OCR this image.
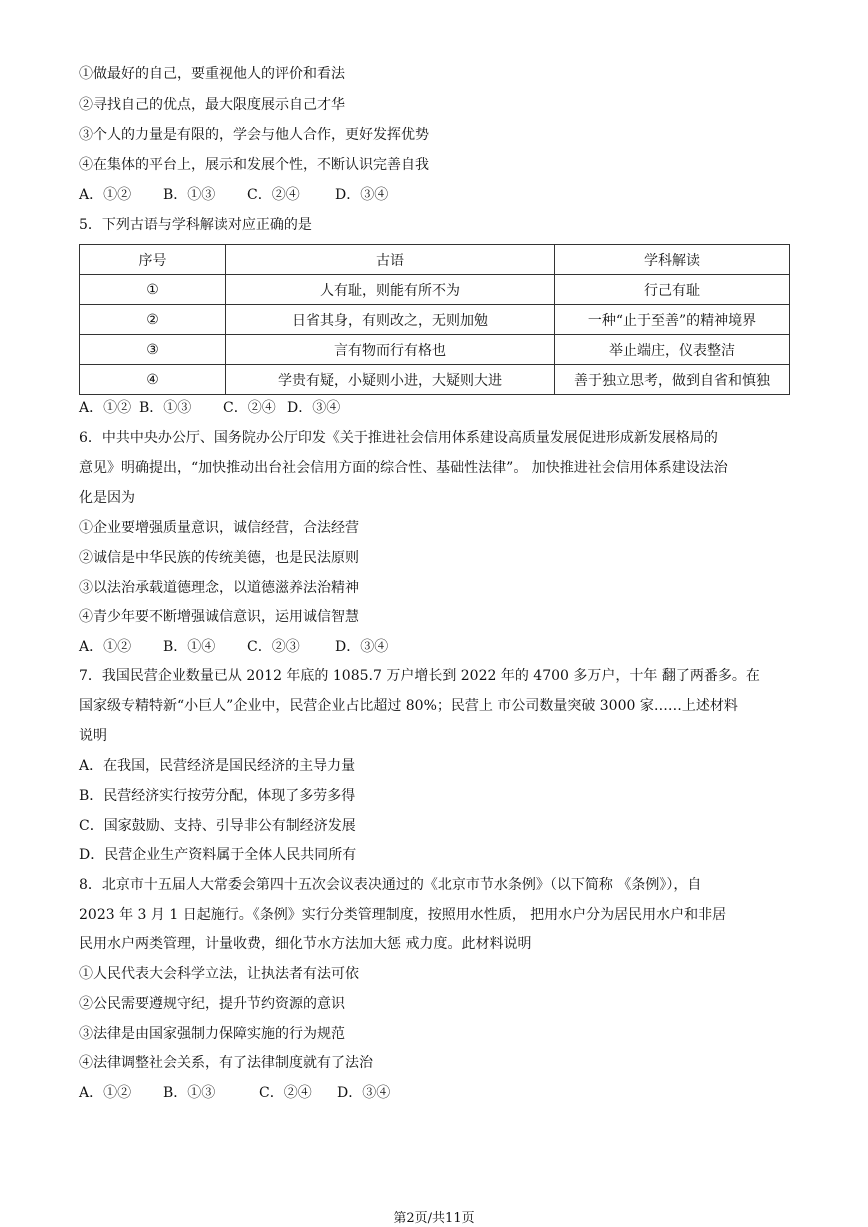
①做最好的自己，要重视他人的评价和看法
②寻找自己的优点，最大限度展示自己才华
③个人的力量是有限的，学会与他人合作，更好发挥优势
④在集体的平台上，展示和发展个性，不断认识完善自我
A．①② B．①③ C．②④	D．③④
5．下列古语与学科解读对应正确的是
序号	古语	学科解读
①	人有耻，则能有所不为	行己有耻
②	日省其身，有则改之，无则加勉	一种“止于至善”的精神境界
③	言有物而行有格也	举止端庄，仪表整洁
④	学贵有疑，小疑则小进，大疑则大进	善于独立思考，做到自省和慎独
A．①② B．①③ C．②④ D．③④
6．中共中央办公厅、国务院办公厅印发《关于推进社会信用体系建设高质量发展促进形成新发展格局的
意见》明确提出，“加快推动出台社会信用方面的综合性、基础性法律”。 加快推进社会信用体系建设法治
化是因为
①企业要增强质量意识，诚信经营，合法经营
②诚信是中华民族的传统美德，也是民法原则
③以法治承载道德理念，以道德滋养法治精神
④青少年要不断增强诚信意识，运用诚信智慧
A．①② B．①④ C．②③	D．③④
7．我国民营企业数量已从 2012 年底的 1085.7 万户增长到 2022 年的 4700 多万户，十年 翻了两番多。在
国家级专精特新“小巨人”企业中，民营企业占比超过 80%；民营上 市公司数量突破 3000 家……上述材料
说明
A．在我国，民营经济是国民经济的主导力量
B．民营经济实行按劳分配，体现了多劳多得
C．国家鼓励、支持、引导非公有制经济发展
D．民营企业生产资料属于全体人民共同所有
8．北京市十五届人大常委会第四十五次会议表决通过的《北京市节水条例》（以下简称 《条例》），自
2023 年 3 月 1 日起施行。《条例》实行分类管理制度，按照用水性质， 把用水户分为居民用水户和非居
民用水户两类管理，计量收费，细化节水方法加大惩 戒力度。此材料说明
①人民代表大会科学立法，让执法者有法可依
②公民需要遵规守纪，提升节约资源的意识
③法律是由国家强制力保障实施的行为规范
④法律调整社会关系，有了法律制度就有了法治
A．①② B．①③	C．②④ D．③④
第2页/共11页
